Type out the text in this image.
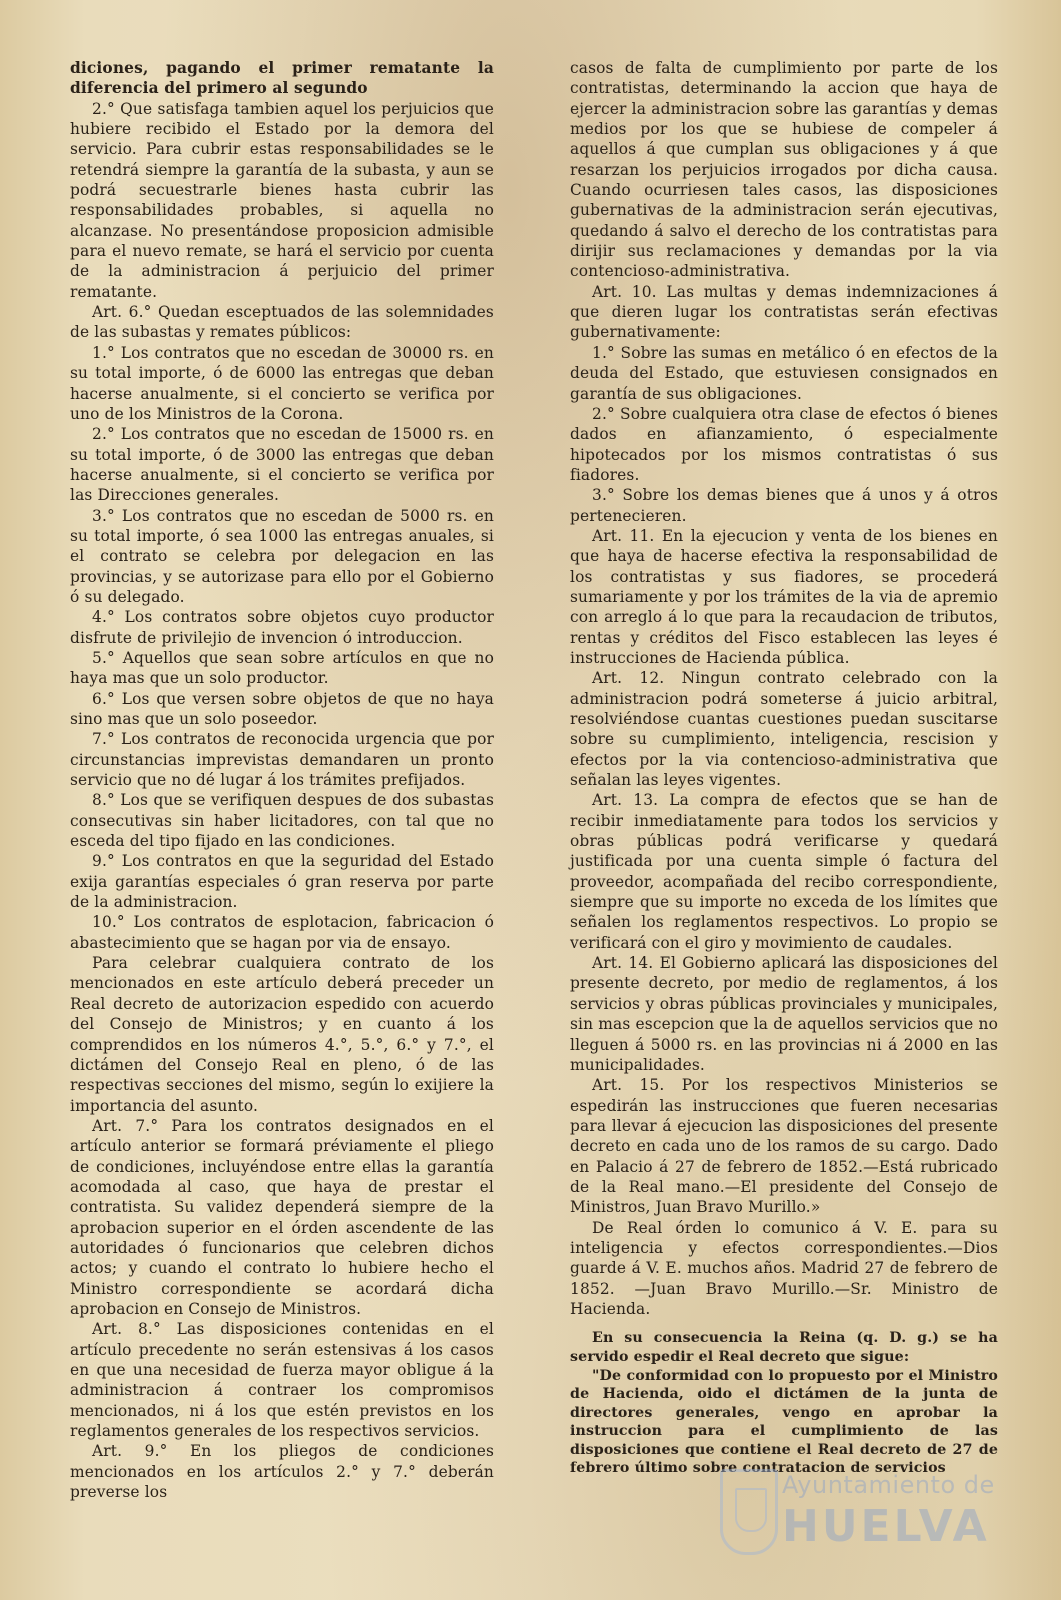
diciones, pagando el primer rematante la diferencia del primero al segundo

2.° Que satisfaga tambien aquel los perjuicios que hubiere recibido el Estado por la demora del servicio. Para cubrir estas responsabilidades se le retendrá siempre la garantía de la subasta, y aun se podrá secuestrarle bienes hasta cubrir las responsabilidades probables, si aquella no alcanzase. No presentándose proposicion admisible para el nuevo remate, se hará el servicio por cuenta de la administracion á perjuicio del primer rematante.

Art. 6.° Quedan esceptuados de las solemnidades de las subastas y remates públicos:

1.° Los contratos que no escedan de 30000 rs. en su total importe, ó de 6000 las entregas que deban hacerse anualmente, si el concierto se verifica por uno de los Ministros de la Corona.

2.° Los contratos que no escedan de 15000 rs. en su total importe, ó de 3000 las entregas que deban hacerse anualmente, si el concierto se verifica por las Direcciones generales.

3.° Los contratos que no escedan de 5000 rs. en su total importe, ó sea 1000 las entregas anuales, si el contrato se celebra por delegacion en las provincias, y se autorizase para ello por el Gobierno ó su delegado.

4.° Los contratos sobre objetos cuyo productor disfrute de privilejio de invencion ó introduccion.

5.° Aquellos que sean sobre artículos en que no haya mas que un solo productor.

6.° Los que versen sobre objetos de que no haya sino mas que un solo poseedor.

7.° Los contratos de reconocida urgencia que por circunstancias imprevistas demandaren un pronto servicio que no dé lugar á los trámites prefijados.

8.° Los que se verifiquen despues de dos subastas consecutivas sin haber licitadores, con tal que no esceda del tipo fijado en las condiciones.

9.° Los contratos en que la seguridad del Estado exija garantías especiales ó gran reserva por parte de la administracion.

10.° Los contratos de esplotacion, fabricacion ó abastecimiento que se hagan por via de ensayo.

Para celebrar cualquiera contrato de los mencionados en este artículo deberá preceder un Real decreto de autorizacion espedido con acuerdo del Consejo de Ministros; y en cuanto á los comprendidos en los números 4.°, 5.°, 6.° y 7.°, el dictámen del Consejo Real en pleno, ó de las respectivas secciones del mismo, según lo exijiere la importancia del asunto.

Art. 7.° Para los contratos designados en el artículo anterior se formará préviamente el pliego de condiciones, incluyéndose entre ellas la garantía acomodada al caso, que haya de prestar el contratista. Su validez dependerá siempre de la aprobacion superior en el órden ascendente de las autoridades ó funcionarios que celebren dichos actos; y cuando el contrato lo hubiere hecho el Ministro correspondiente se acordará dicha aprobacion en Consejo de Ministros.

Art. 8.° Las disposiciones contenidas en el artículo precedente no serán estensivas á los casos en que una necesidad de fuerza mayor obligue á la administracion á contraer los compromisos mencionados, ni á los que estén previstos en los reglamentos generales de los respectivos servicios.

Art. 9.° En los pliegos de condiciones mencionados en los artículos 2.° y 7.° deberán preverse los

casos de falta de cumplimiento por parte de los contratistas, determinando la accion que haya de ejercer la administracion sobre las garantías y demas medios por los que se hubiese de compeler á aquellos á que cumplan sus obligaciones y á que resarzan los perjuicios irrogados por dicha causa. Cuando ocurriesen tales casos, las disposiciones gubernativas de la administracion serán ejecutivas, quedando á salvo el derecho de los contratistas para dirijir sus reclamaciones y demandas por la via contencioso-administrativa.

Art. 10. Las multas y demas indemnizaciones á que dieren lugar los contratistas serán efectivas gubernativamente:

1.° Sobre las sumas en metálico ó en efectos de la deuda del Estado, que estuviesen consignados en garantía de sus obligaciones.

2.° Sobre cualquiera otra clase de efectos ó bienes dados en afianzamiento, ó especialmente hipotecados por los mismos contratistas ó sus fiadores.

3.° Sobre los demas bienes que á unos y á otros pertenecieren.

Art. 11. En la ejecucion y venta de los bienes en que haya de hacerse efectiva la responsabilidad de los contratistas y sus fiadores, se procederá sumariamente y por los trámites de la via de apremio con arreglo á lo que para la recaudacion de tributos, rentas y créditos del Fisco establecen las leyes é instrucciones de Hacienda pública.

Art. 12. Ningun contrato celebrado con la administracion podrá someterse á juicio arbitral, resolviéndose cuantas cuestiones puedan suscitarse sobre su cumplimiento, inteligencia, rescision y efectos por la via contencioso-administrativa que señalan las leyes vigentes.

Art. 13. La compra de efectos que se han de recibir inmediatamente para todos los servicios y obras públicas podrá verificarse y quedará justificada por una cuenta simple ó factura del proveedor, acompañada del recibo correspondiente, siempre que su importe no exceda de los límites que señalen los reglamentos respectivos. Lo propio se verificará con el giro y movimiento de caudales.

Art. 14. El Gobierno aplicará las disposiciones del presente decreto, por medio de reglamentos, á los servicios y obras públicas provinciales y municipales, sin mas escepcion que la de aquellos servicios que no lleguen á 5000 rs. en las provincias ni á 2000 en las municipalidades.

Art. 15. Por los respectivos Ministerios se espedirán las instrucciones que fueren necesarias para llevar á ejecucion las disposiciones del presente decreto en cada uno de los ramos de su cargo. Dado en Palacio á 27 de febrero de 1852.—Está rubricado de la Real mano.—El presidente del Consejo de Ministros, Juan Bravo Murillo.»

De Real órden lo comunico á V. E. para su inteligencia y efectos correspondientes.—Dios guarde á V. E. muchos años. Madrid 27 de febrero de 1852. —Juan Bravo Murillo.—Sr. Ministro de Hacienda.

En su consecuencia la Reina (q. D. g.) se ha servido espedir el Real decreto que sigue:

"De conformidad con lo propuesto por el Ministro de Hacienda, oido el dictámen de la junta de directores generales, vengo en aprobar la instruccion para el cumplimiento de las disposiciones que contiene el Real decreto de 27 de febrero último sobre contratacion de servicios

Ayuntamiento de
HUELVA
